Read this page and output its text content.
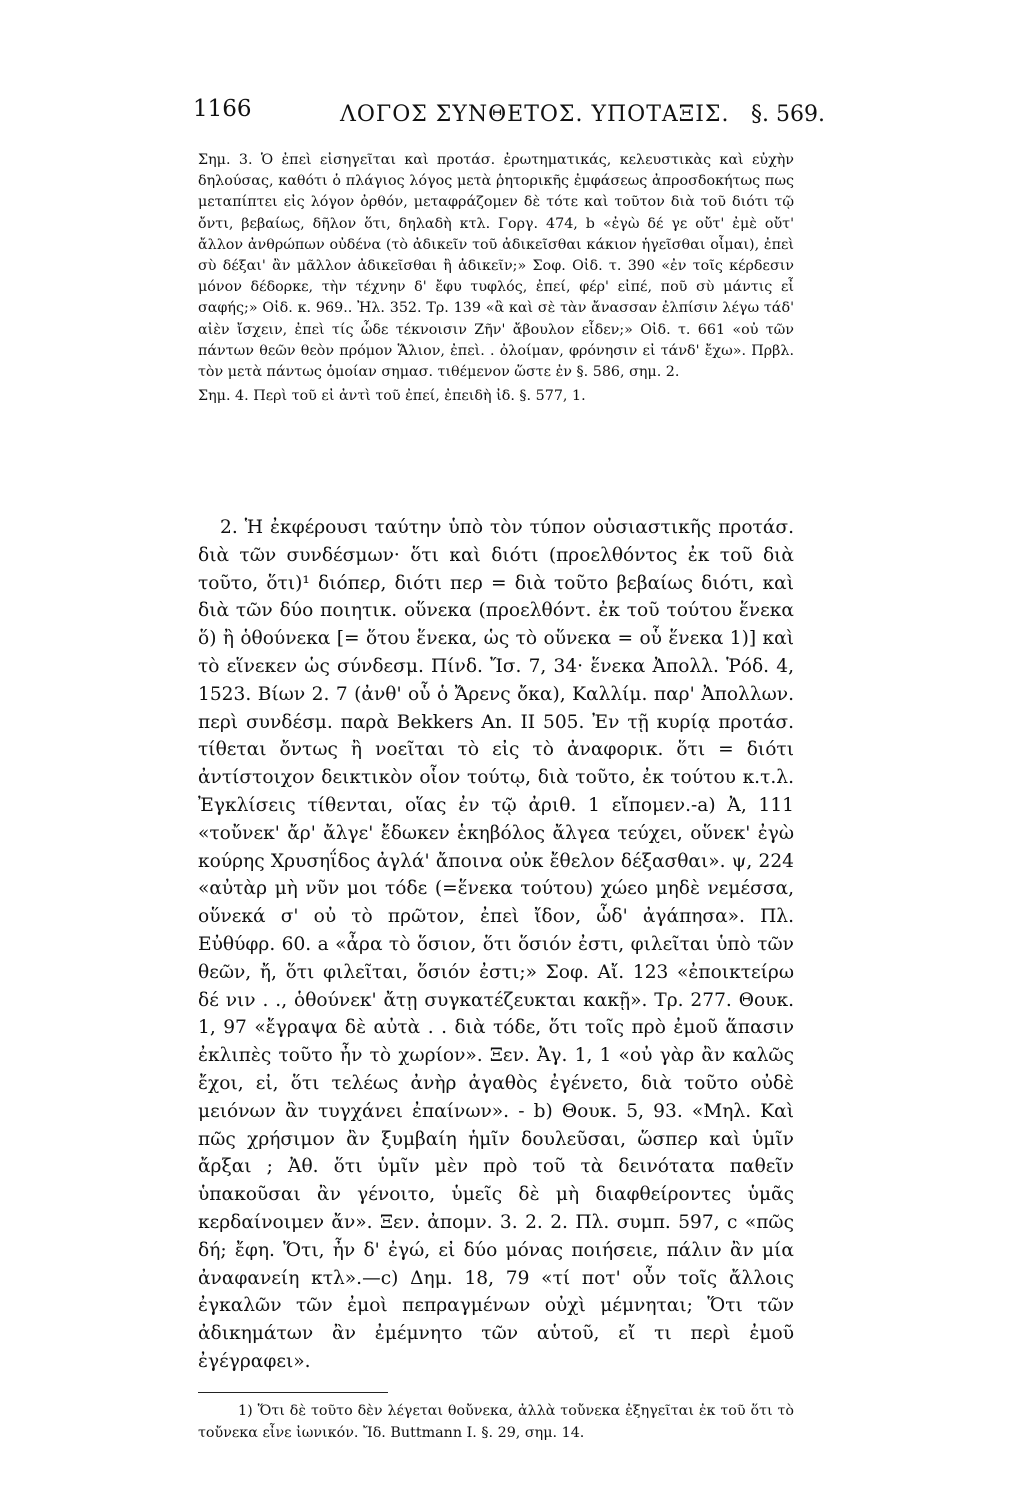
1166	ΛΟΓΟΣ ΣΥΝΘΕΤΟΣ. ΥΠΟΤΑΞΙΣ. §. 569.

Σημ. 3. Ὁ ἐπεὶ εἰσηγεῖται καὶ προτάσ. ἐρωτηματικάς, κελευστικὰς καὶ εὐχὴν δηλούσας, καθότι ὁ πλάγιος λόγος μετὰ ῥητορικῆς ἐμφάσεως ἀπροσδοκήτως πως μεταπίπτει εἰς λόγον ὀρθόν, μεταφράζομεν δὲ τότε καὶ τοῦτον διὰ τοῦ διότι τῷ ὄντι, βεβαίως, δῆλον ὅτι, δηλαδὴ κτλ. Γοργ. 474, b «ἐγὼ δέ γε οὔτ' ἐμὲ οὔτ' ἄλλον ἀνθρώπων οὐδένα (τὸ ἀδικεῖν τοῦ ἀδικεῖσθαι κάκιον ἡγεῖσθαι οἶμαι), ἐπεὶ σὺ δέξαι' ἂν μᾶλλον ἀδικεῖσθαι ἢ ἀδικεῖν;» Σοφ. Οἰδ. τ. 390 «ἐν τοῖς κέρδεσιν μόνον δέδορκε, τὴν τέχνην δ' ἔφυ τυφλός, ἐπεί, φέρ' εἰπέ, ποῦ σὺ μάντις εἶ σαφής;» Οἰδ. κ. 969.. Ἠλ. 352. Τρ. 139 «ἃ καὶ σὲ τὰν ἄνασσαν ἐλπίσιν λέγω τάδ' αἰὲν ἴσχειν, ἐπεὶ τίς ὧδε τέκνοισιν Ζῆν' ἄβουλον εἶδεν;» Οἰδ. τ. 661 «οὐ τῶν πάντων θεῶν θεὸν πρόμον Ἅλιον, ἐπεὶ. . ὀλοίμαν, φρόνησιν εἰ τάνδ' ἔχω». Πρβλ. τὸν μετὰ πάντως ὁμοίαν σημασ. τιθέμενον ὥστε ἐν §. 586, σημ. 2.

Σημ. 4. Περὶ τοῦ εἰ ἀντὶ τοῦ ἐπεί, ἐπειδὴ ἰδ. §. 577, 1.

2. Ἡ ἐκφέρουσι ταύτην ὑπὸ τὸν τύπον οὐσιαστικῆς προτάσ. διὰ τῶν συνδέσμων· ὅτι καὶ διότι (προελθόντος ἐκ τοῦ διὰ τοῦτο, ὅτι)¹ διόπερ, διότι περ = διὰ τοῦτο βεβαίως διότι, καὶ διὰ τῶν δύο ποιητικ. οὕνεκα (προελθόντ. ἐκ τοῦ τούτου ἕνεκα ὅ) ἢ ὁθούνεκα [= ὅτου ἕνεκα, ὡς τὸ οὕνεκα = οὗ ἕνεκα 1)] καὶ τὸ εἵνεκεν ὡς σύνδεσμ. Πίνδ. Ἴσ. 7, 34· ἕνεκα Ἀπολλ. Ῥόδ. 4, 1523. Βίων 2. 7 (ἀνθ' οὗ ὁ Ἄρενς ὄκα), Καλλίμ. παρ' Ἀπολλων. περὶ συνδέσμ. παρὰ Bekkers An. II 505. Ἐν τῇ κυρίᾳ προτάσ. τίθεται ὄντως ἢ νοεῖται τὸ εἰς τὸ ἀναφορικ. ὅτι = διότι ἀντίστοιχον δεικτικὸν οἷον τούτῳ, διὰ τοῦτο, ἐκ τούτου κ.τ.λ. Ἐγκλίσεις τίθενται, οἵας ἐν τῷ ἀριθ. 1 εἴπομεν.-a) Ἀ, 111 «τοὔνεκ' ἄρ' ἄλγε' ἔδωκεν ἑκηβόλος ἄλγεα τεύχει, οὕνεκ' ἐγὼ κούρης Χρυσηΐδος ἀγλά' ἄποινα οὐκ ἔθελον δέξασθαι». ψ, 224 «αὐτὰρ μὴ νῦν μοι τόδε (=ἕνεκα τούτου) χώεο μηδὲ νεμέσσα, οὕνεκά σ' οὐ τὸ πρῶτον, ἐπεὶ ἴδον, ὧδ' ἀγάπησα». Πλ. Εὐθύφρ. 60. a «ἆρα τὸ ὅσιον, ὅτι ὅσιόν ἐστι, φιλεῖται ὑπὸ τῶν θεῶν, ἤ, ὅτι φιλεῖται, ὅσιόν ἐστι;» Σοφ. Αἴ. 123 «ἐποικτείρω δέ νιν . ., ὁθούνεκ' ἄτῃ συγκατέζευκται κακῇ». Τρ. 277. Θουκ. 1, 97 «ἔγραψα δὲ αὐτὰ . . διὰ τόδε, ὅτι τοῖς πρὸ ἐμοῦ ἅπασιν ἐκλιπὲς τοῦτο ἦν τὸ χωρίον». Ξεν. Ἀγ. 1, 1 «οὐ γὰρ ἂν καλῶς ἔχοι, εἰ, ὅτι τελέως ἀνὴρ ἀγαθὸς ἐγένετο, διὰ τοῦτο οὐδὲ μειόνων ἂν τυγχάνει ἐπαίνων». - b) Θουκ. 5, 93. «Μηλ. Καὶ πῶς χρήσιμον ἂν ξυμβαίη ἡμῖν δουλεῦσαι, ὥσπερ καὶ ὑμῖν ἄρξαι ; Ἀθ. ὅτι ὑμῖν μὲν πρὸ τοῦ τὰ δεινότατα παθεῖν ὑπακοῦσαι ἂν γένοιτο, ὑμεῖς δὲ μὴ διαφθείροντες ὑμᾶς κερδαίνοιμεν ἄν». Ξεν. ἀπομν. 3. 2. 2. Πλ. συμπ. 597, c «πῶς δή; ἔφη. Ὅτι, ἦν δ' ἐγώ, εἰ δύο μόνας ποιήσειε, πάλιν ἂν μία ἀναφανείη κτλ».—c) Δημ. 18, 79 «τί ποτ' οὖν τοῖς ἄλλοις ἐγκαλῶν τῶν ἐμοὶ πεπραγμένων οὐχὶ μέμνηται; Ὅτι τῶν ἀδικημάτων ἂν ἐμέμνητο τῶν αὑτοῦ, εἴ τι περὶ ἐμοῦ ἐγέγραφει».

1) Ὅτι δὲ τοῦτο δὲν λέγεται θοὔνεκα, ἀλλὰ τοὔνεκα ἐξηγεῖται ἐκ τοῦ ὅτι τὸ τοὔνεκα εἶνε ἰωνικόν. Ἴδ. Buttmann I. §. 29, σημ. 14.
